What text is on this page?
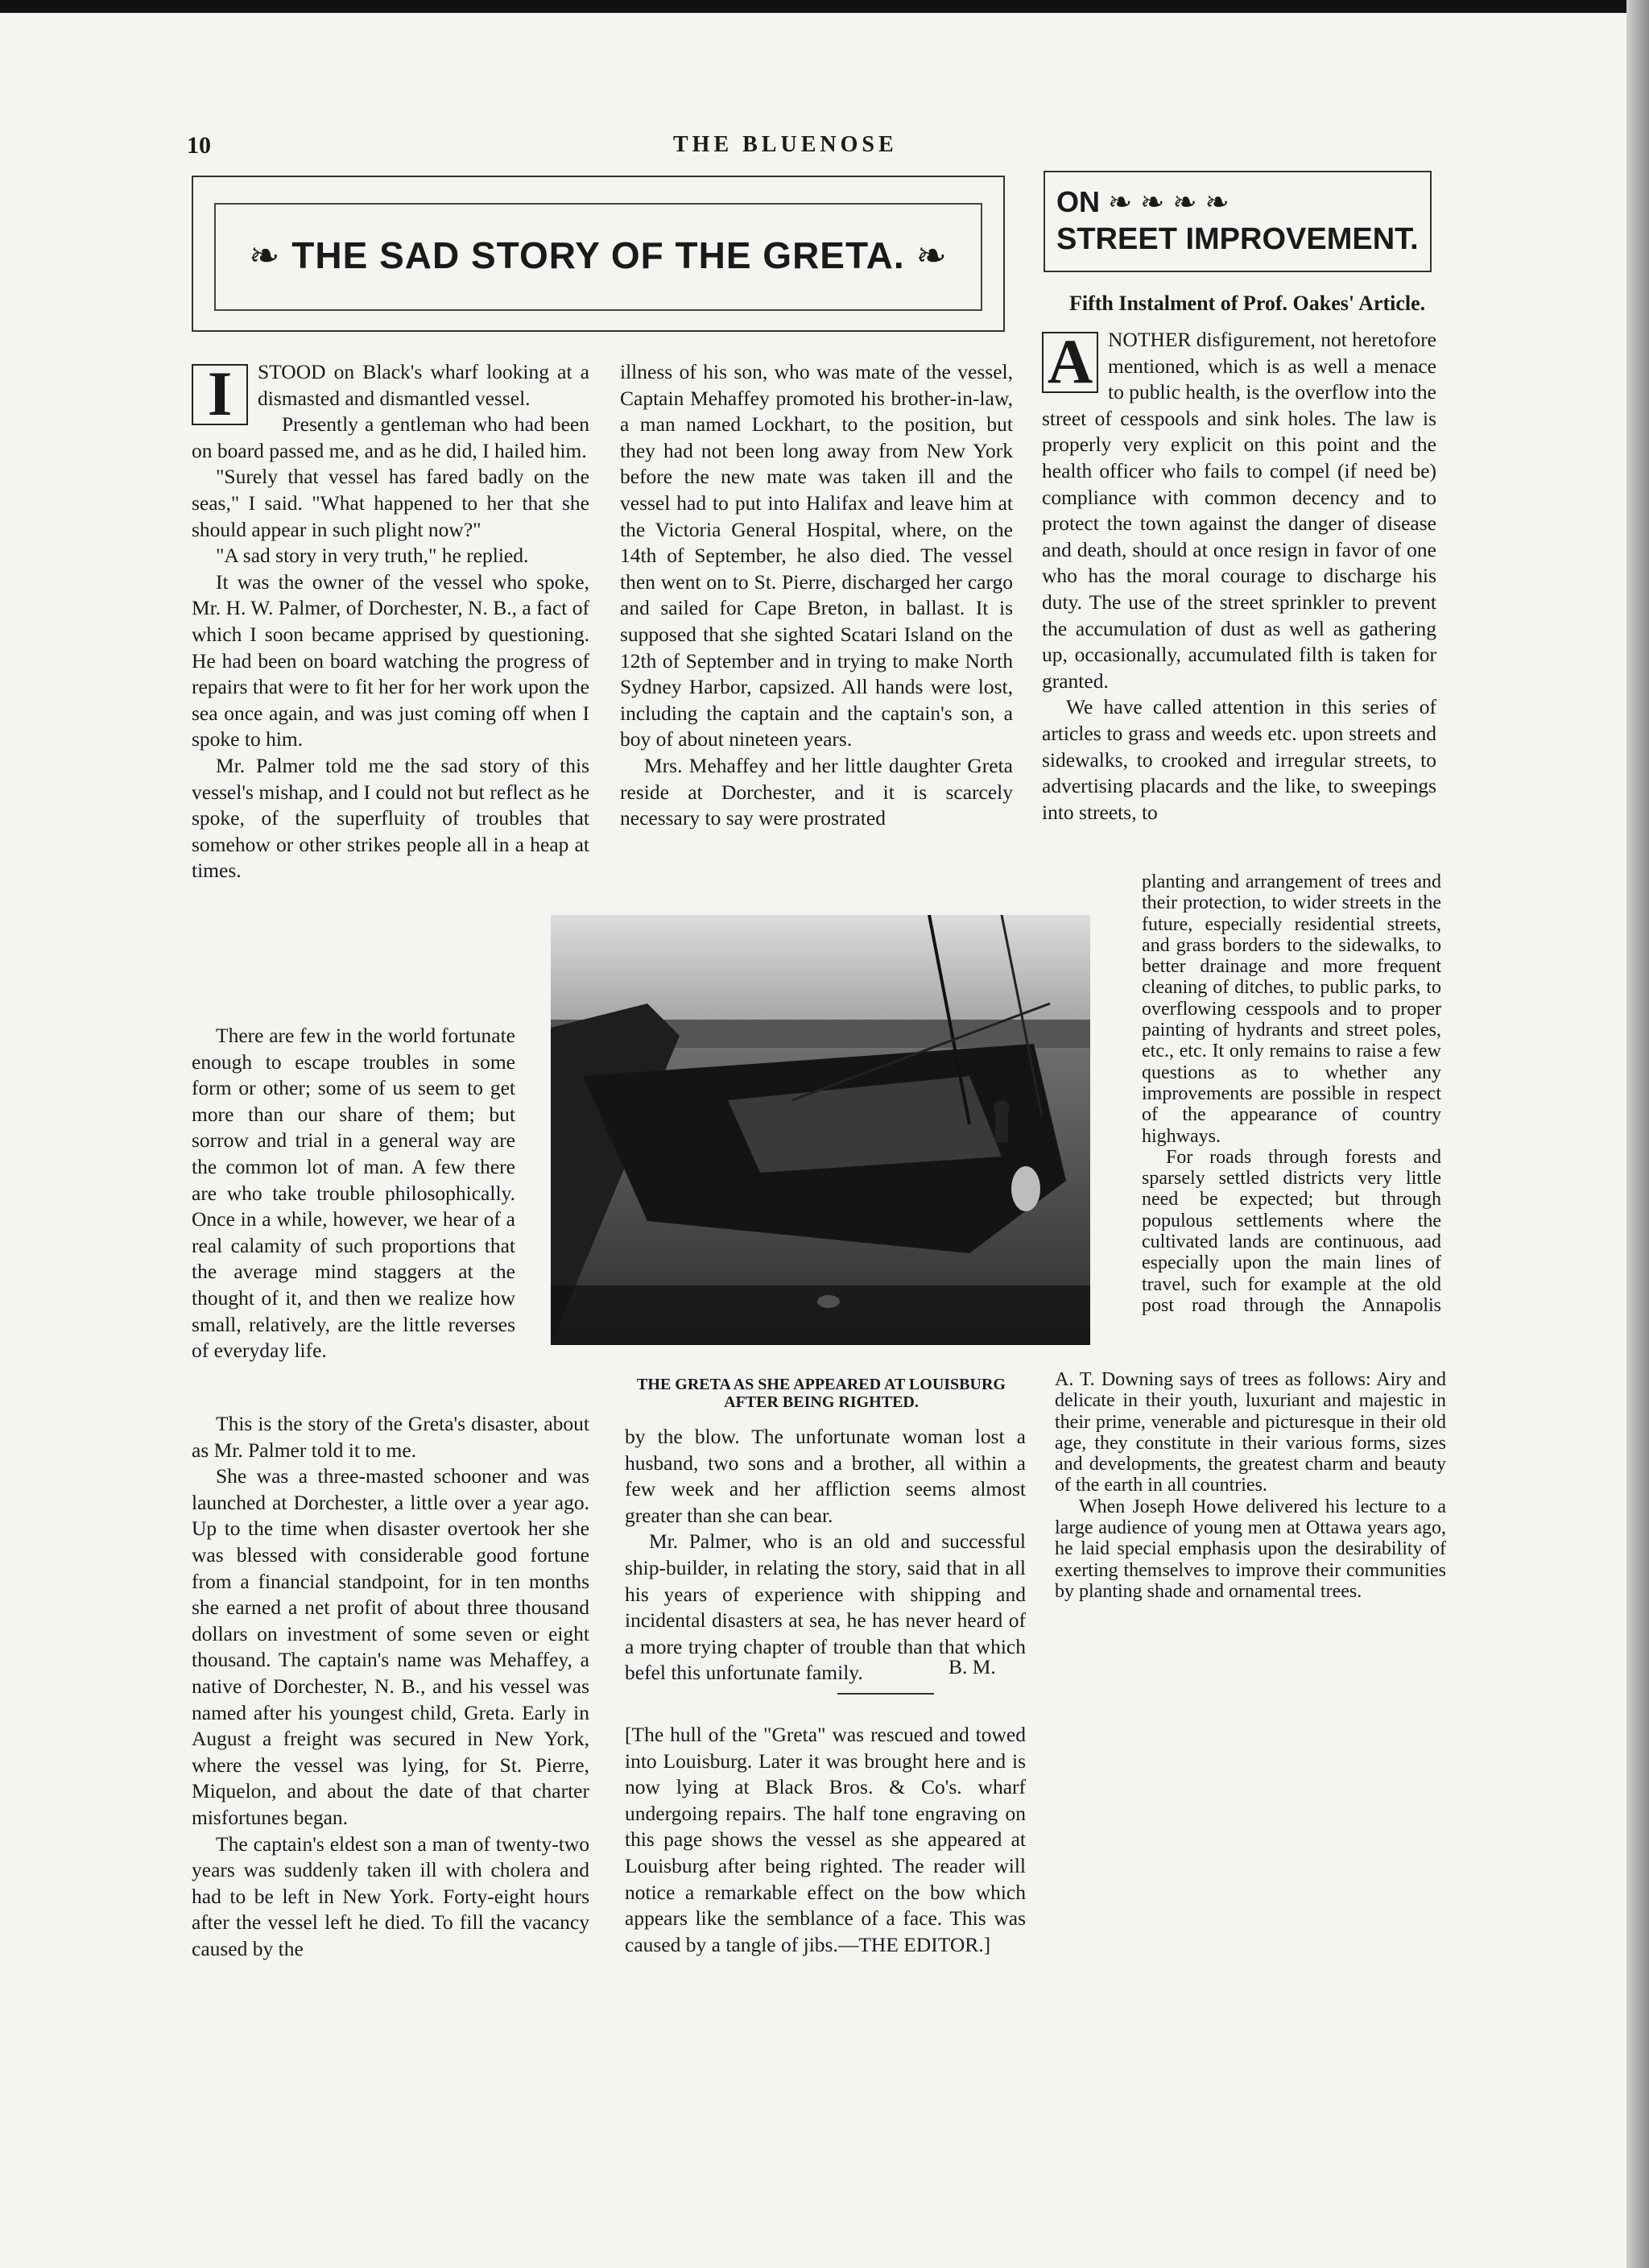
10	THE BLUENOSE
❧ THE SAD STORY OF THE GRETA. ❧
ON ❧ ❧ ❧ ❧
STREET IMPROVEMENT.
Fifth Instalment of Prof. Oakes' Article.

I	STOOD on Black's wharf looking at a dismasted and dismantled vessel.

Presently a gentleman who had been on board passed me, and as he did, I hailed him.

"Surely that vessel has fared badly on the seas," I said. "What happened to her that she should appear in such plight now?"

"A sad story in very truth," he replied.

It was the owner of the vessel who spoke, Mr. H. W. Palmer, of Dorchester, N. B., a fact of which I soon became apprised by questioning. He had been on board watching the progress of repairs that were to fit her for her work upon the sea once again, and was just coming off when I spoke to him.

Mr. Palmer told me the sad story of this vessel's mishap, and I could not but reflect as he spoke, of the superfluity of troubles that somehow or other strikes people all in a heap at times.

There are few in the world fortunate enough to escape troubles in some form or other; some of us seem to get more than our share of them; but sorrow and trial in a general way are the common lot of man. A few there are who take trouble philosophically. Once in a while, however, we hear of a real calamity of such proportions that the average mind staggers at the thought of it, and then we realize how small, relatively, are the little reverses of everyday life.

This is the story of the Greta's disaster, about as Mr. Palmer told it to me.

She was a three-masted schooner and was launched at Dorchester, a little over a year ago. Up to the time when disaster overtook her she was blessed with considerable good fortune from a financial standpoint, for in ten months she earned a net profit of about three thousand dollars on investment of some seven or eight thousand. The captain's name was Mehaffey, a native of Dorchester, N. B., and his vessel was named after his youngest child, Greta. Early in August a freight was secured in New York, where the vessel was lying, for St. Pierre, Miquelon, and about the date of that charter misfortunes began.

The captain's eldest son a man of twenty-two years was suddenly taken ill with cholera and had to be left in New York. Forty-eight hours after the vessel left he died. To fill the vacancy caused by the

illness of his son, who was mate of the vessel, Captain Mehaffey promoted his brother-in-law, a man named Lockhart, to the position, but they had not been long away from New York before the new mate was taken ill and the vessel had to put into Halifax and leave him at the Victoria General Hospital, where, on the 14th of September, he also died. The vessel then went on to St. Pierre, discharged her cargo and sailed for Cape Breton, in ballast. It is supposed that she sighted Scatari Island on the 12th of September and in trying to make North Sydney Harbor, capsized. All hands were lost, including the captain and the captain's son, a boy of about nineteen years.

Mrs. Mehaffey and her little daughter Greta reside at Dorchester, and it is scarcely necessary to say were prostrated

THE GRETA AS SHE APPEARED AT LOUISBURG AFTER BEING RIGHTED.

by the blow. The unfortunate woman lost a husband, two sons and a brother, all within a few week and her affliction seems almost greater than she can bear.

Mr. Palmer, who is an old and successful ship-builder, in relating the story, said that in all his years of experience with shipping and incidental disasters at sea, he has never heard of a more trying chapter of trouble than that which befel this unfortunate family.	B. M.

[The hull of the "Greta" was rescued and towed into Louisburg. Later it was brought here and is now lying at Black Bros. & Co's. wharf undergoing repairs. The half tone engraving on this page shows the vessel as she appeared at Louisburg after being righted. The reader will notice a remarkable effect on the bow which appears like the semblance of a face. This was caused by a tangle of jibs.—THE EDITOR.]

A NOTHER disfigurement, not heretofore mentioned, which is as well a menace to public health, is the overflow into the street of cesspools and sink holes. The law is properly very explicit on this point and the health officer who fails to compel (if need be) compliance with common decency and to protect the town against the danger of disease and death, should at once resign in favor of one who has the moral courage to discharge his duty. The use of the street sprinkler to prevent the accumulation of dust as well as gathering up, occasionally, accumulated filth is taken for granted.

We have called attention in this series of articles to grass and weeds etc. upon streets and sidewalks, to crooked and irregular streets, to advertising placards and the like, to sweepings into streets, to

planting and arrangement of trees and their protection, to wider streets in the future, especially residential streets, and grass borders to the sidewalks, to better drainage and more frequent cleaning of ditches, to public parks, to overflowing cesspools and to proper painting of hydrants and street poles, etc., etc. It only remains to raise a few questions as to whether any improvements are possible in respect of the appearance of country highways.

For roads through forests and sparsely settled districts very little need be expected; but through populous settlements where the cultivated lands are continuous, aad especially upon the main lines of travel, such for example at the old post road through the Annapolis

A. T. Downing says of trees as follows: Airy and delicate in their youth, luxuriant and majestic in their prime, venerable and picturesque in their old age, they constitute in their various forms, sizes and developments, the greatest charm and beauty of the earth in all countries.

When Joseph Howe delivered his lecture to a large audience of young men at Ottawa years ago, he laid special emphasis upon the desirability of exerting themselves to improve their communities by planting shade and ornamental trees.
